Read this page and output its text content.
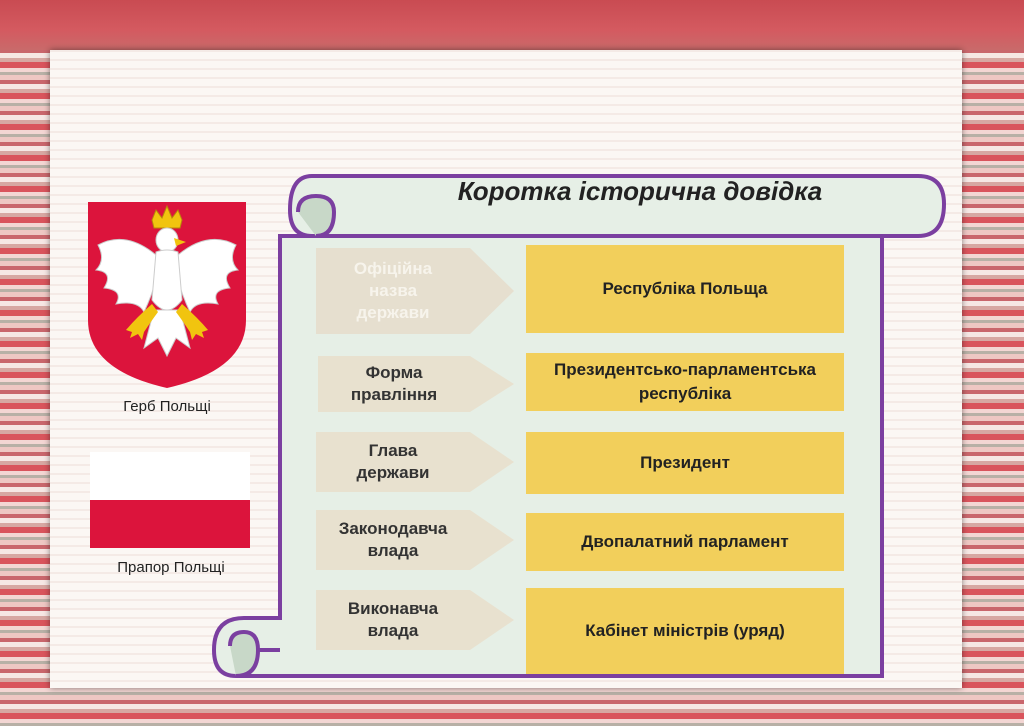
Герб Польщі
Прапор Польщі
Коротка історична довідка
Офіційна назва держави
Республіка Польща
Форма правління
Президентсько-парламентська республіка
Глава держави
Президент
Законодавча влада	Двопалатний парламент
Виконавча влада	Кабінет міністрів (уряд)
